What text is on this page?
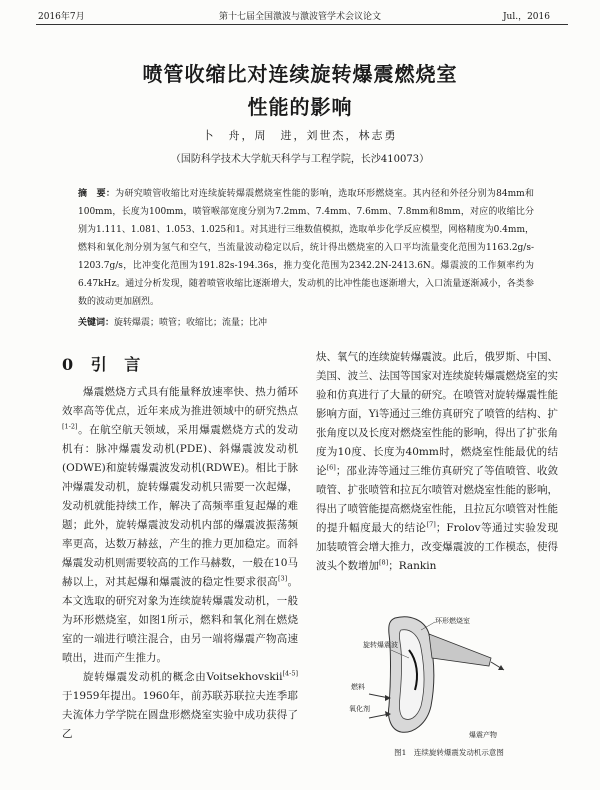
2016年7月	第十七届全国激波与激波管学术会议论文	Jul.，2016
喷管收缩比对连续旋转爆震燃烧室
性能的影响
卜　舟，周　进，刘世杰，林志勇
（国防科学技术大学航天科学与工程学院，长沙410073）
摘　要：为研究喷管收缩比对连续旋转爆震燃烧室性能的影响，选取环形燃烧室。其内径和外径分别为84mm和100mm，长度为100mm，喷管喉部宽度分别为7.2mm、7.4mm、7.6mm、7.8mm和8mm，对应的收缩比分别为1.111、1.081、1.053、1.025和1。对其进行三维数值模拟，选取单步化学反应模型，网格精度为0.4mm，燃料和氧化剂分别为氢气和空气，当流量波动稳定以后，统计得出燃烧室的入口平均流量变化范围为1163.2g/s-1203.7g/s，比冲变化范围为191.82s-194.36s，推力变化范围为2342.2N-2413.6N。爆震波的工作频率约为6.47kHz。通过分析发现，随着喷管收缩比逐渐增大，发动机的比冲性能也逐渐增大，入口流量逐渐减小，各类参数的波动更加剧烈。
关键词：旋转爆震；喷管；收缩比；流量；比冲
0 引 言

爆震燃烧方式具有能量释放速率快、热力循环效率高等优点，近年来成为推进领域中的研究热点[1-2]。在航空航天领域，采用爆震燃烧方式的发动机有：脉冲爆震发动机(PDE)、斜爆震波发动机(ODWE)和旋转爆震波发动机(RDWE)。相比于脉冲爆震发动机，旋转爆震发动机只需要一次起爆，发动机就能持续工作，解决了高频率重复起爆的难题；此外，旋转爆震波发动机内部的爆震波振荡频率更高，达数万赫兹，产生的推力更加稳定。而斜爆震发动机则需要较高的工作马赫数，一般在10马赫以上，对其起爆和爆震波的稳定性要求很高[3]。本文选取的研究对象为连续旋转爆震发动机，一般为环形燃烧室，如图1所示，燃料和氧化剂在燃烧室的一端进行喷注混合，由另一端将爆震产物高速喷出，进而产生推力。

旋转爆震发动机的概念由Voitsekhovskii[4-5]于1959年提出。1960年，前苏联苏联拉夫连季耶夫流体力学学院在圆盘形燃烧室实验中成功获得了乙

炔、氧气的连续旋转爆震波。此后，俄罗斯、中国、美国、波兰、法国等国家对连续旋转爆震燃烧室的实验和仿真进行了大量的研究。在喷管对旋转爆震性能影响方面，Yi等通过三维仿真研究了喷管的结构、扩张角度以及长度对燃烧室性能的影响，得出了扩张角度为10度、长度为40mm时，燃烧室性能最优的结论[6]；邵业涛等通过三维仿真研究了等值喷管、收敛喷管、扩张喷管和拉瓦尔喷管对燃烧室性能的影响，得出了喷管能提高燃烧室性能，且拉瓦尔喷管对性能的提升幅度最大的结论[7]；Frolov等通过实验发现加装喷管会增大推力，改变爆震波的工作模态，使得波头个数增加[8]；Rankin

环形燃烧室
旋转爆震波
燃料
氧化剂
爆震产物
图1　连续旋转爆震发动机示意图
